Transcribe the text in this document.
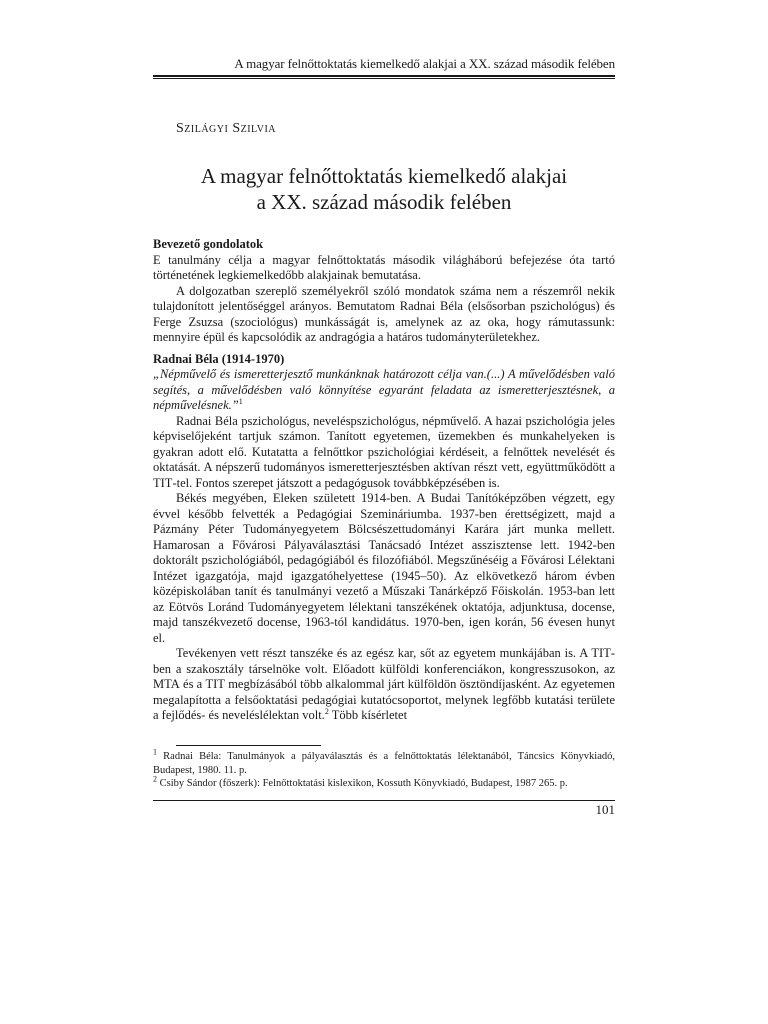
A magyar felnőttoktatás kiemelkedő alakjai a XX. század második felében
Szilágyi Szilvia
A magyar felnőttoktatás kiemelkedő alakjai
a XX. század második felében
Bevezető gondolatok

E tanulmány célja a magyar felnőttoktatás második világháború befejezése óta tartó történetének legkiemelkedőbb alakjainak bemutatása.

A dolgozatban szereplő személyekről szóló mondatok száma nem a részemről nekik tulajdonított jelentőséggel arányos. Bemutatom Radnai Béla (elsősorban pszichológus) és Ferge Zsuzsa (szociológus) munkásságát is, amelynek az az oka, hogy rámutassunk: mennyire épül és kapcsolódik az andragógia a határos tudományterületekhez.

Radnai Béla (1914-1970)

„Népművelő és ismeretterjesztő munkánknak határozott célja van.(...) A művelődésben való segítés, a művelődésben való könnyítése egyaránt feladata az ismeretterjesztésnek, a népművelésnek.”$^1$

Radnai Béla pszichológus, neveléspszichológus, népművelő. A hazai pszichológia jeles képviselőjeként tartjuk számon. Tanított egyetemen, üzemekben és munkahelyeken is gyakran adott elő. Kutatatta a felnőttkor pszichológiai kérdéseit, a felnőttek nevelését és oktatását. A népszerű tudományos ismeretterjesztésben aktívan részt vett, együttműködött a TIT-tel. Fontos szerepet játszott a pedagógusok továbbképzésében is.

Békés megyében, Eleken született 1914-ben. A Budai Tanítóképzőben végzett, egy évvel később felvették a Pedagógiai Szemináriumba. 1937-ben érettségizett, majd a Pázmány Péter Tudományegyetem Bölcsészettudományi Karára járt munka mellett. Hamarosan a Fővárosi Pályaválasztási Tanácsadó Intézet asszisztense lett. 1942-ben doktorált pszichológiából, pedagógiából és filozófiából. Megszűnéséig a Fővárosi Lélektani Intézet igazgatója, majd igazgatóhelyettese (1945–50). Az elkövetkező három évben középiskolában tanít és tanulmányi vezető a Műszaki Tanárképző Főiskolán. 1953-ban lett az Eötvös Loránd Tudományegyetem lélektani tanszékének oktatója, adjunktusa, docense, majd tanszékvezető docense, 1963-tól kandidátus. 1970-ben, igen korán, 56 évesen hunyt el.

Tevékenyen vett részt tanszéke és az egész kar, sőt az egyetem munkájában is. A TIT-ben a szakosztály társelnöke volt. Előadott külföldi konferenciákon, kongresszusokon, az MTA és a TIT megbízásából több alkalommal járt külföldön ösztöndíjasként. Az egyetemen megalapította a felsőoktatási pedagógiai kutatócsoportot, melynek legfőbb kutatási területe a fejlődés- és neveléslélektan volt.$^2$ Több kísérletet

$^1$ Radnai Béla: Tanulmányok a pályaválasztás és a felnőttoktatás lélektanából, Táncsics Könyvkiadó, Budapest, 1980. 11. p.

$^2$ Csiby Sándor (főszerk): Felnőttoktatási kislexikon, Kossuth Könyvkiadó, Budapest, 1987 265. p.

101
